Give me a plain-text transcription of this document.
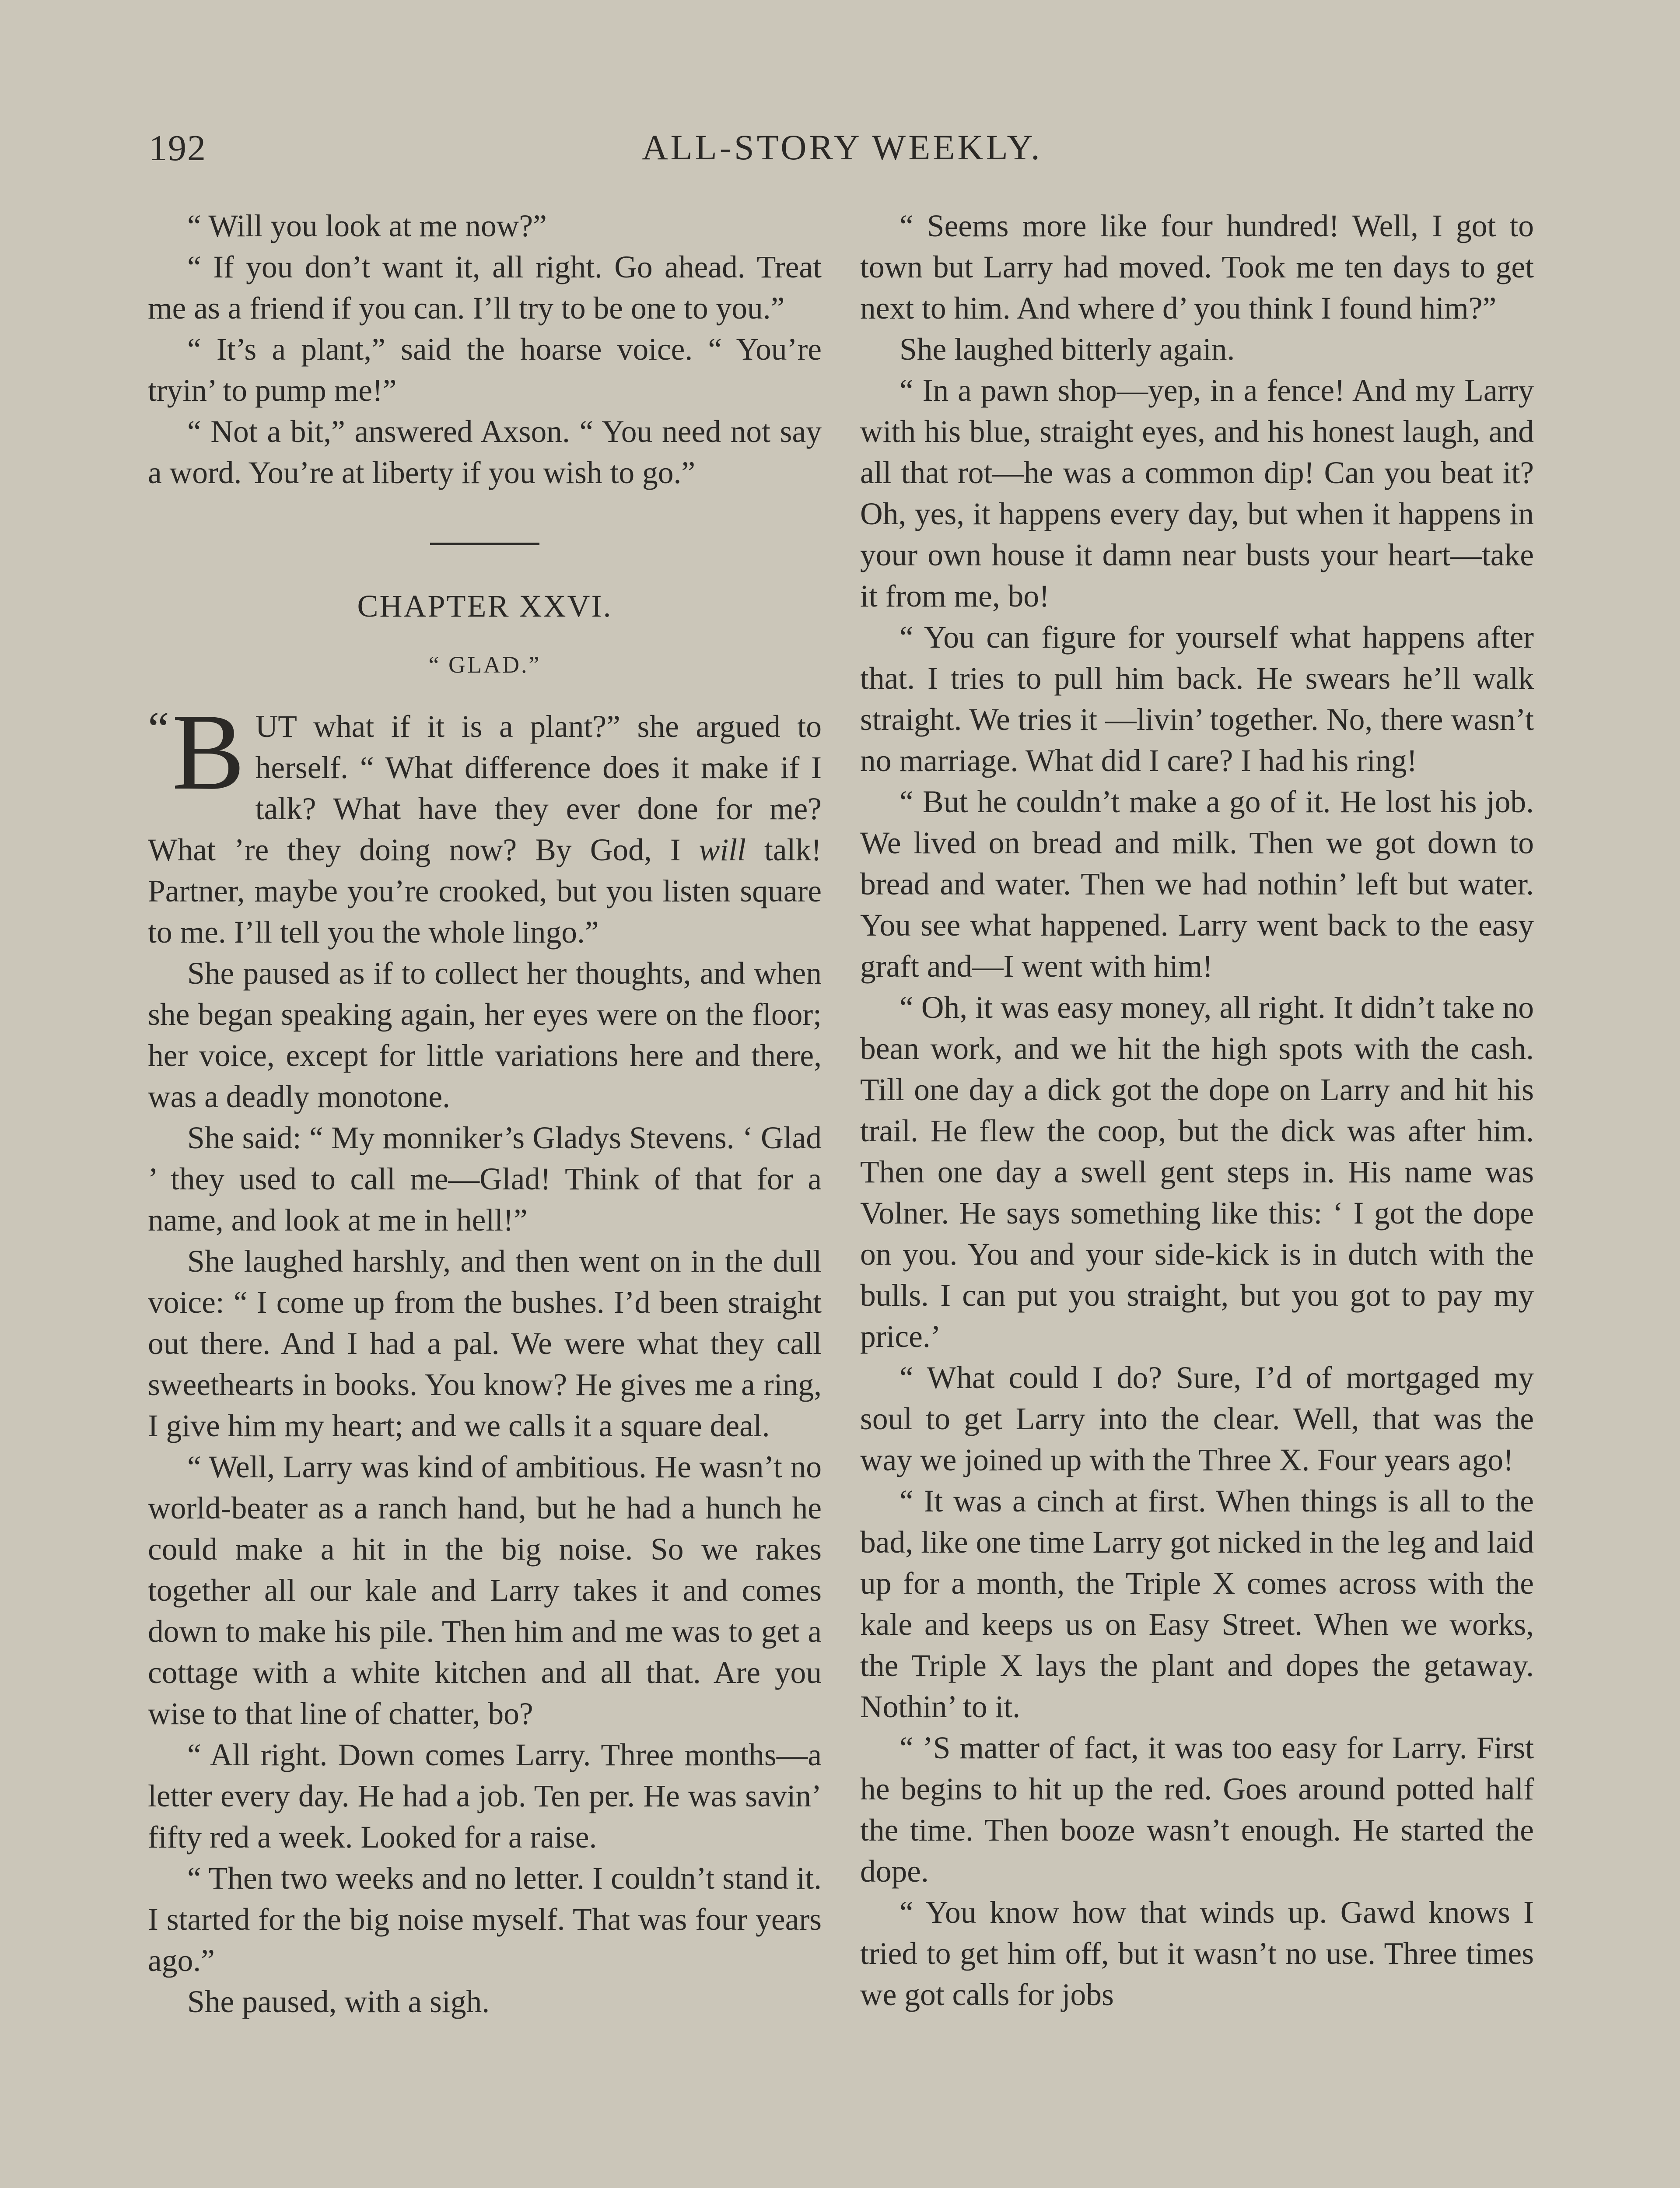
192	ALL-STORY WEEKLY.

“ Will you look at me now?”

“ If you don’t want it, all right. Go ahead. Treat me as a friend if you can. I’ll try to be one to you.”

“ It’s a plant,” said the hoarse voice. “ You’re tryin’ to pump me!”

“ Not a bit,” answered Axson. “ You need not say a word. You’re at liberty if you wish to go.”

CHAPTER XXVI.
“ GLAD.”

“ B UT what if it is a plant?” she argued to herself. “ What difference does it make if I talk? What have they ever done for me? What ’re they doing now? By God, I will talk! Partner, maybe you’re crooked, but you listen square to me. I’ll tell you the whole lingo.”

She paused as if to collect her thoughts, and when she began speaking again, her eyes were on the floor; her voice, except for little variations here and there, was a deadly monotone.

She said: “ My monniker’s Gladys Stevens. ‘ Glad ’ they used to call me—Glad! Think of that for a name, and look at me in hell!”

She laughed harshly, and then went on in the dull voice: “ I come up from the bushes. I’d been straight out there. And I had a pal. We were what they call sweethearts in books. You know? He gives me a ring, I give him my heart; and we calls it a square deal.

“ Well, Larry was kind of ambitious. He wasn’t no world-beater as a ranch hand, but he had a hunch he could make a hit in the big noise. So we rakes together all our kale and Larry takes it and comes down to make his pile. Then him and me was to get a cottage with a white kitchen and all that. Are you wise to that line of chatter, bo?

“ All right. Down comes Larry. Three months—a letter every day. He had a job. Ten per. He was savin’ fifty red a week. Looked for a raise.

“ Then two weeks and no letter. I couldn’t stand it. I started for the big noise myself. That was four years ago.”

She paused, with a sigh.

“ Seems more like four hundred! Well, I got to town but Larry had moved. Took me ten days to get next to him. And where d’ you think I found him?”

She laughed bitterly again.

“ In a pawn shop—yep, in a fence! And my Larry with his blue, straight eyes, and his honest laugh, and all that rot—he was a common dip! Can you beat it? Oh, yes, it happens every day, but when it happens in your own house it damn near busts your heart—take it from me, bo!

“ You can figure for yourself what happens after that. I tries to pull him back. He swears he’ll walk straight. We tries it —livin’ together. No, there wasn’t no marriage. What did I care? I had his ring!

“ But he couldn’t make a go of it. He lost his job. We lived on bread and milk. Then we got down to bread and water. Then we had nothin’ left but water. You see what happened. Larry went back to the easy graft and—I went with him!

“ Oh, it was easy money, all right. It didn’t take no bean work, and we hit the high spots with the cash. Till one day a dick got the dope on Larry and hit his trail. He flew the coop, but the dick was after him. Then one day a swell gent steps in. His name was Volner. He says something like this: ‘ I got the dope on you. You and your side-kick is in dutch with the bulls. I can put you straight, but you got to pay my price.’

“ What could I do? Sure, I’d of mortgaged my soul to get Larry into the clear. Well, that was the way we joined up with the Three X. Four years ago!

“ It was a cinch at first. When things is all to the bad, like one time Larry got nicked in the leg and laid up for a month, the Triple X comes across with the kale and keeps us on Easy Street. When we works, the Triple X lays the plant and dopes the getaway. Nothin’ to it.

“ ’S matter of fact, it was too easy for Larry. First he begins to hit up the red. Goes around potted half the time. Then booze wasn’t enough. He started the dope.

“ You know how that winds up. Gawd knows I tried to get him off, but it wasn’t no use. Three times we got calls for jobs
